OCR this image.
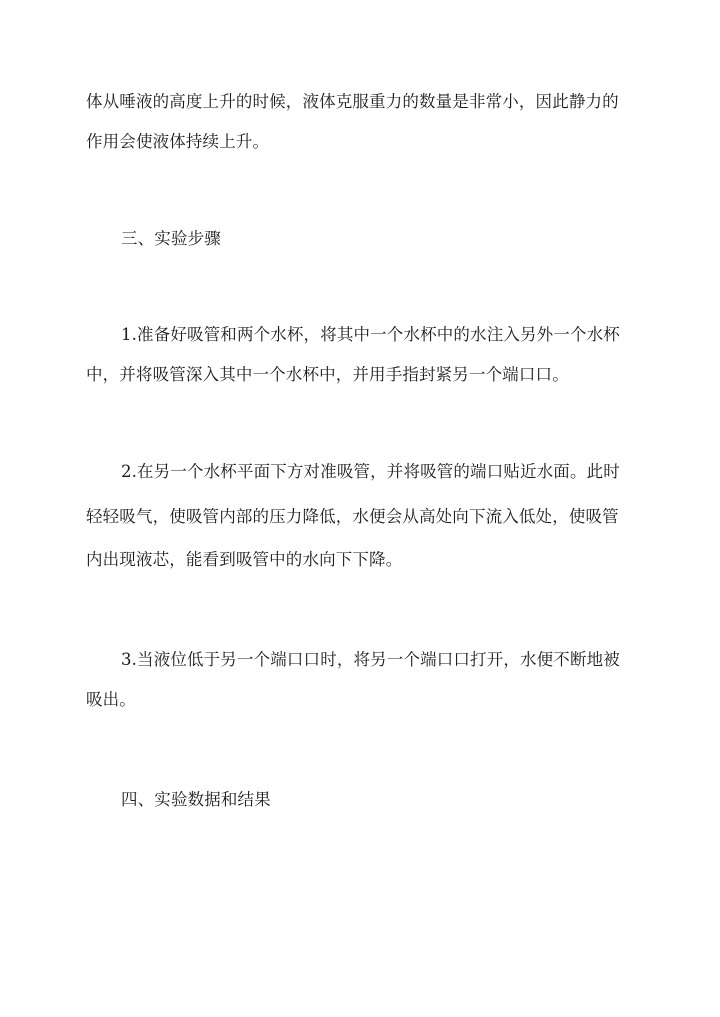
体从唾液的高度上升的时候，液体克服重力的数量是非常小，因此静力的
作用会使液体持续上升。
三、实验步骤
1.准备好吸管和两个水杯，将其中一个水杯中的水注入另外一个水杯
中，并将吸管深入其中一个水杯中，并用手指封紧另一个端口口。
2.在另一个水杯平面下方对准吸管，并将吸管的端口贴近水面。此时
轻轻吸气，使吸管内部的压力降低，水便会从高处向下流入低处，使吸管
内出现液芯，能看到吸管中的水向下下降。
3.当液位低于另一个端口口时，将另一个端口口打开，水便不断地被
吸出。
四、实验数据和结果
